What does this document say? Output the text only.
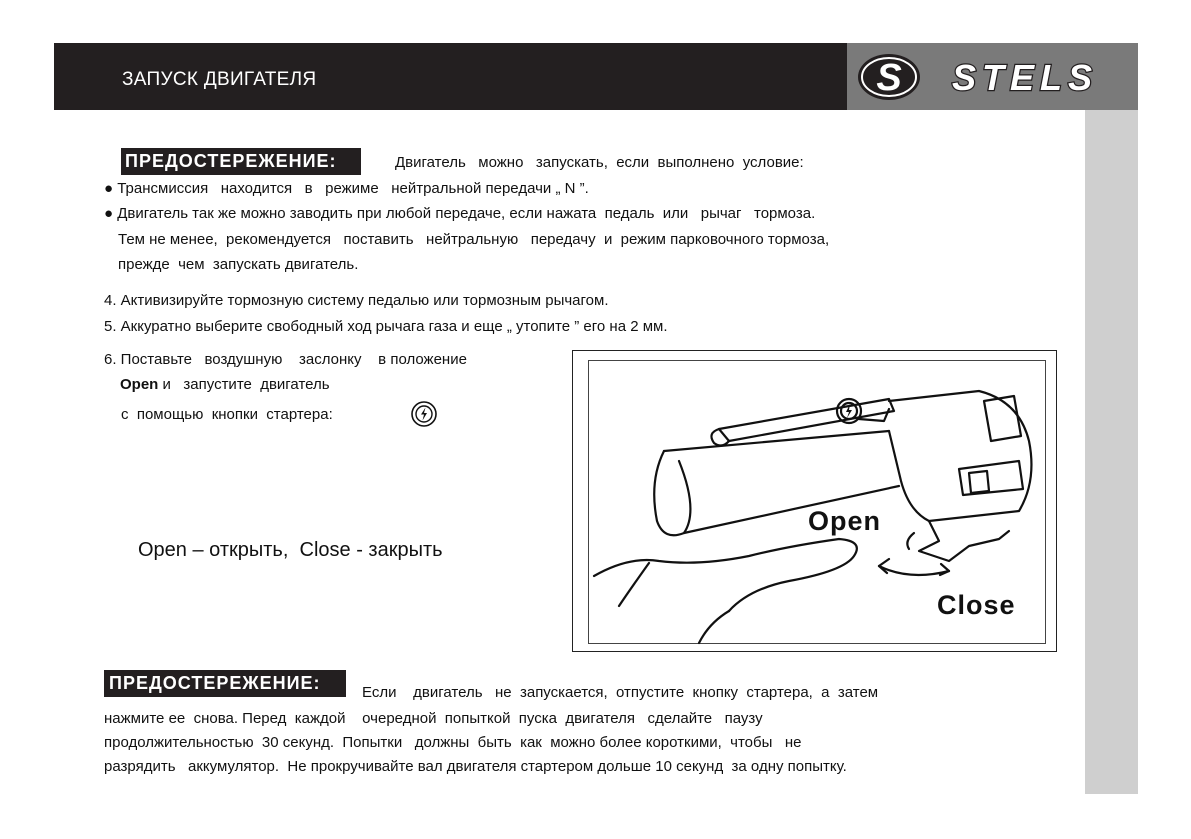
ЗАПУСК ДВИГАТЕЛЯ	S STELS
ПРЕДОСТЕРЕЖЕНИЕ:	Двигатель   можно   запускать,  если  выполнено  условие:
● Трансмиссия   находится   в   режиме   нейтральной передачи „ N ”.
● Двигатель так же можно заводить при любой передаче, если нажата  педаль  или   рычаг   тормоза.
Тем не менее,  рекомендуется   поставить   нейтральную   передачу  и  режим парковочного тормоза,
прежде  чем  запускать двигатель.
4. Активизируйте тормозную систему педалью или тормозным рычагом.
5. Аккуратно выберите свободный ход рычага газа и еще „ утопите ” его на 2 мм.
6. Поставьте   воздушную    заслонку    в положение
Open и   запустите  двигатель
с  помощью  кнопки  стартера:
Open – открыть,  Close - закрыть
Open
Close
ПРЕДОСТЕРЕЖЕНИЕ:	Если    двигатель   не  запускается,  отпустите  кнопку  стартера,  а  затем
нажмите ее  снова. Перед  каждой    очередной  попыткой  пуска  двигателя   сделайте   паузу
продолжительностью  30 секунд.  Попытки   должны  быть  как  можно более короткими,  чтобы   не
разрядить   аккумулятор.  Не прокручивайте вал двигателя стартером дольше 10 секунд  за одну попытку.
